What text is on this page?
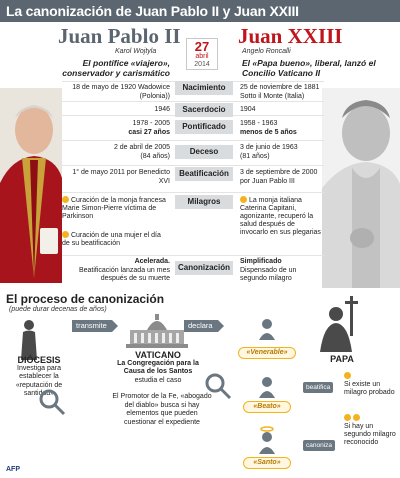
La canonización de Juan Pablo II y Juan XXIII
Juan Pablo II	Juan XXIII
Karol Wojtyla	Angelo Roncalli
El pontífice «viajero», conservador y carismático
El «Papa bueno», liberal, lanzó el Concilio Vaticano II
27
abril
2014
Nacimiento
Sacerdocio
Pontificado
Deceso
Beatificación
Milagros
Canonización
18 de mayo de 1920 Wadowice (Polonia))
1946
1978 - 2005
casi 27 años
2 de abril de 2005
(84 años)
1° de mayo 2011 por Benedicto XVI
Curación de la monja francesa Marie Simon-Pierre víctima de Parkinson
Curación de una mujer el día de su beatificación
Acelerada.
Beatificación lanzada un mes después de su muerte
25 de noviembre de 1881 Sotto il Monte (Italia)
1904
1958 - 1963
menos de 5 años
3 de junio de 1963
(81 años)
3 de septiembre de 2000 por Juan Pablo III
La monja italiana Caterina Capitani, agonizante, recuperó la salud después de invocarlo en sus plegarias
Simplificado
Dispensado de un segundo milagro
El proceso de canonización
(puede durar decenas de años)
DIÓCESIS
Investiga para establecer la «reputación de santidad»
transmite
VATICANO
La Congregación para la Causa de los Santos
estudia el caso
El Promotor de la Fe, «abogado del diablo» busca si hay elementos que pueden cuestionar el expediente
declara
«Venerable»
«Beato»
«Santo»
PAPA
beatifica
canoniza

Si existe un milagro probado

Si hay un segundo milagro reconocido
AFP
